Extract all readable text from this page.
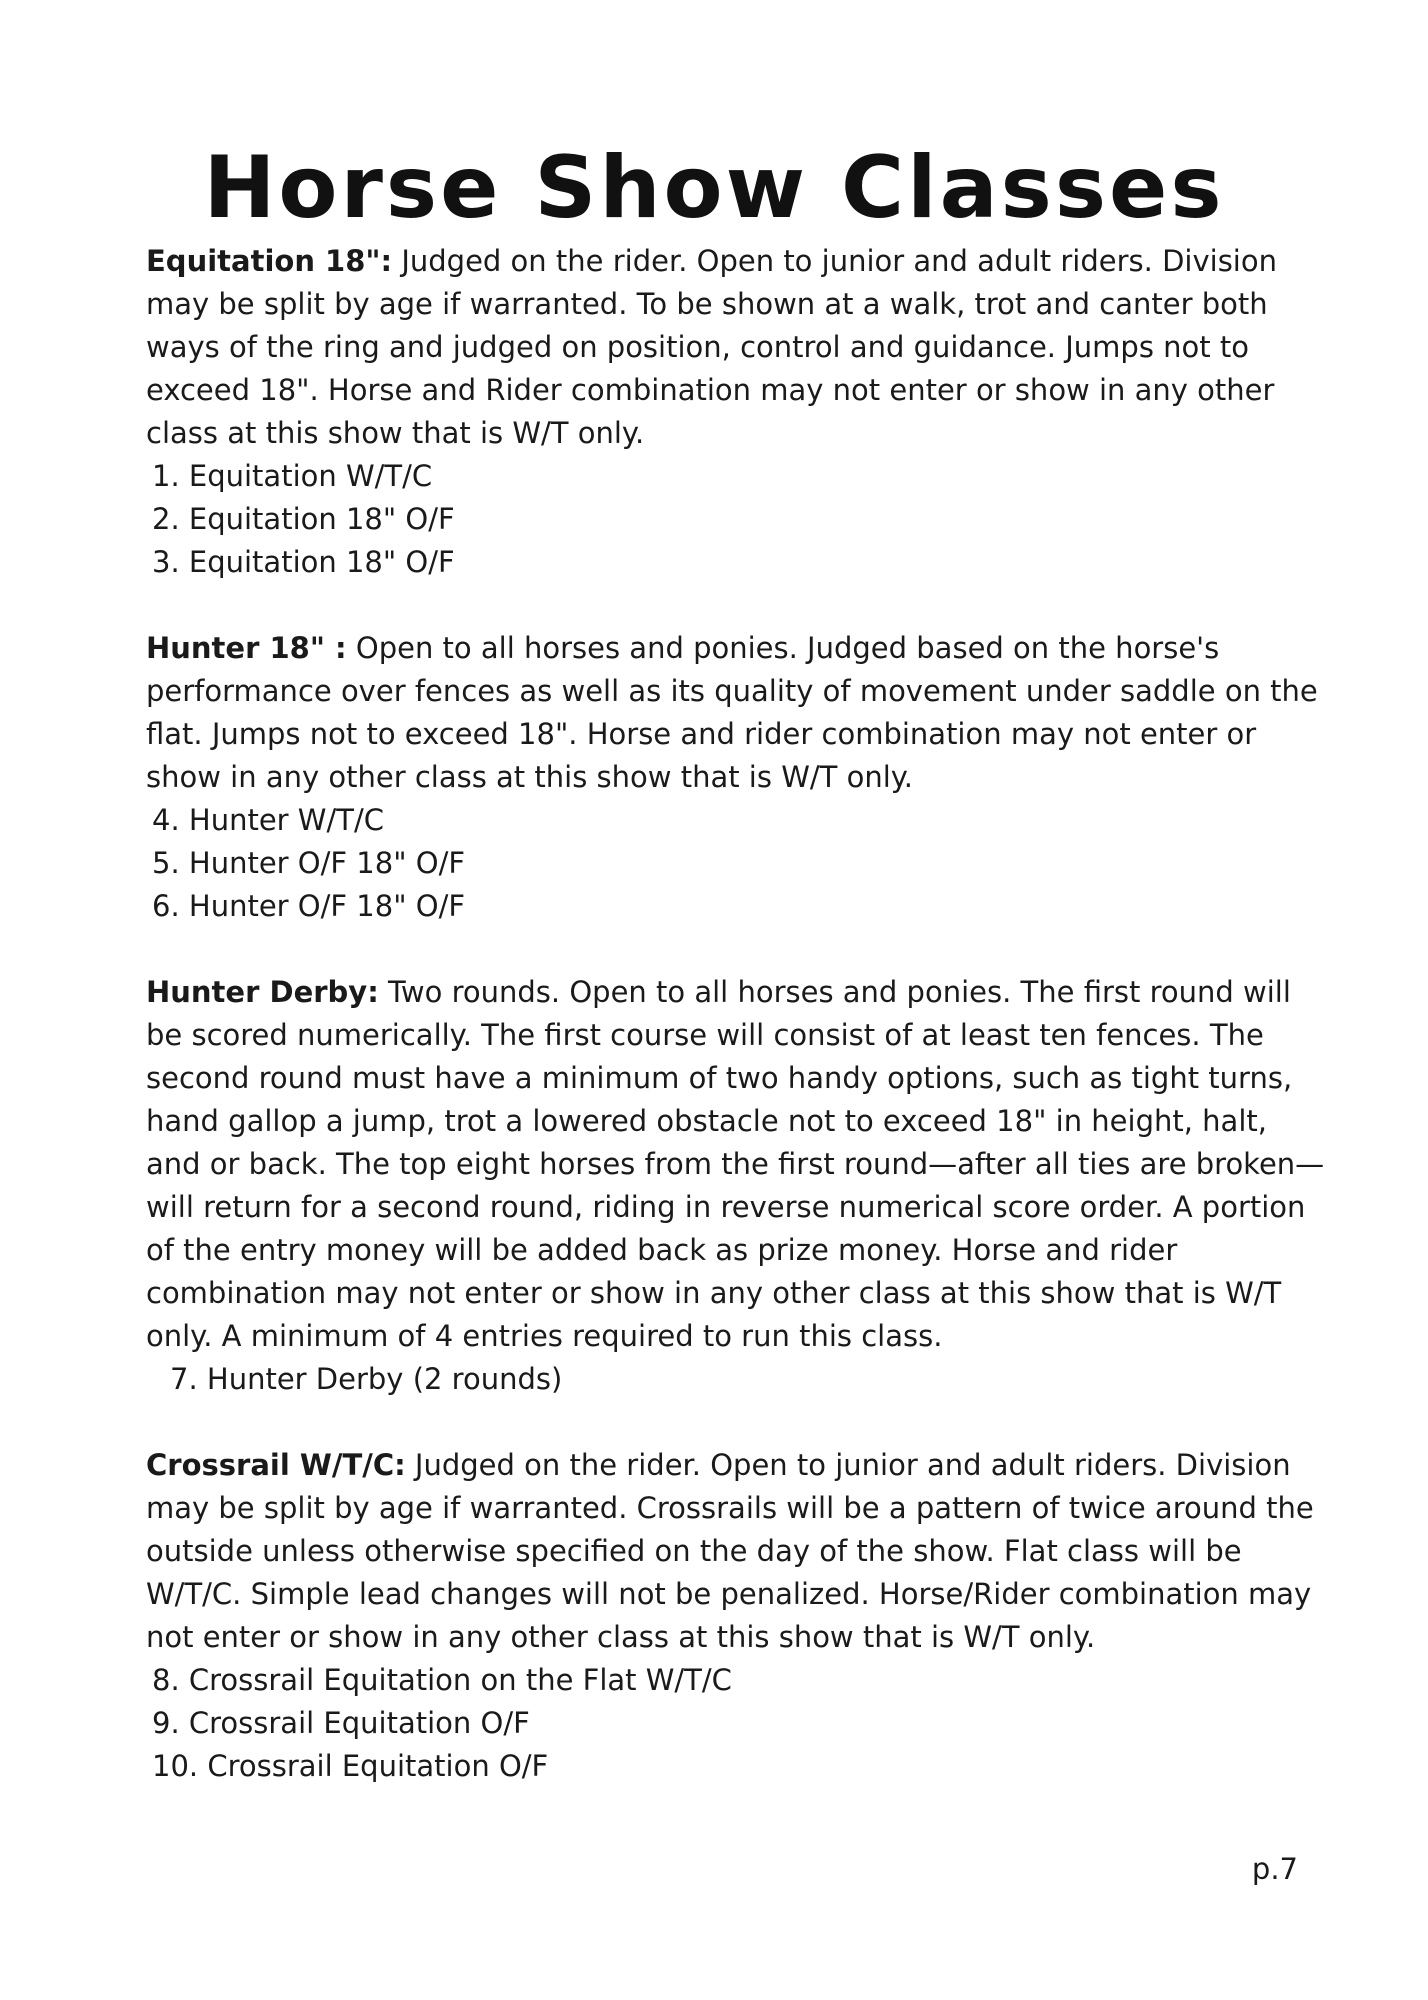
Horse Show Classes

Equitation 18": Judged on the rider. Open to junior and adult riders. Division may be split by age if warranted. To be shown at a walk, trot and canter both ways of the ring and judged on position, control and guidance. Jumps not to exceed 18". Horse and Rider combination may not enter or show in any other class at this show that is W/T only.

1. Equitation W/T/C
2. Equitation 18" O/F
3. Equitation 18" O/F

Hunter 18" : Open to all horses and ponies. Judged based on the horse's performance over fences as well as its quality of movement under saddle on the flat. Jumps not to exceed 18". Horse and rider combination may not enter or show in any other class at this show that is W/T only.

4. Hunter W/T/C
5. Hunter O/F 18" O/F
6. Hunter O/F 18" O/F

Hunter Derby: Two rounds. Open to all horses and ponies. The first round will be scored numerically. The first course will consist of at least ten fences. The second round must have a minimum of two handy options, such as tight turns, hand gallop a jump, trot a lowered obstacle not to exceed 18" in height, halt, and or back. The top eight horses from the first round—after all ties are broken—will return for a second round, riding in reverse numerical score order. A portion of the entry money will be added back as prize money. Horse and rider combination may not enter or show in any other class at this show that is W/T only. A minimum of 4 entries required to run this class.

7. Hunter Derby (2 rounds)

Crossrail W/T/C: Judged on the rider. Open to junior and adult riders. Division may be split by age if warranted. Crossrails will be a pattern of twice around the outside unless otherwise specified on the day of the show. Flat class will be W/T/C. Simple lead changes will not be penalized. Horse/Rider combination may not enter or show in any other class at this show that is W/T only.

8. Crossrail Equitation on the Flat W/T/C
9. Crossrail Equitation O/F
10. Crossrail Equitation O/F
p.7
